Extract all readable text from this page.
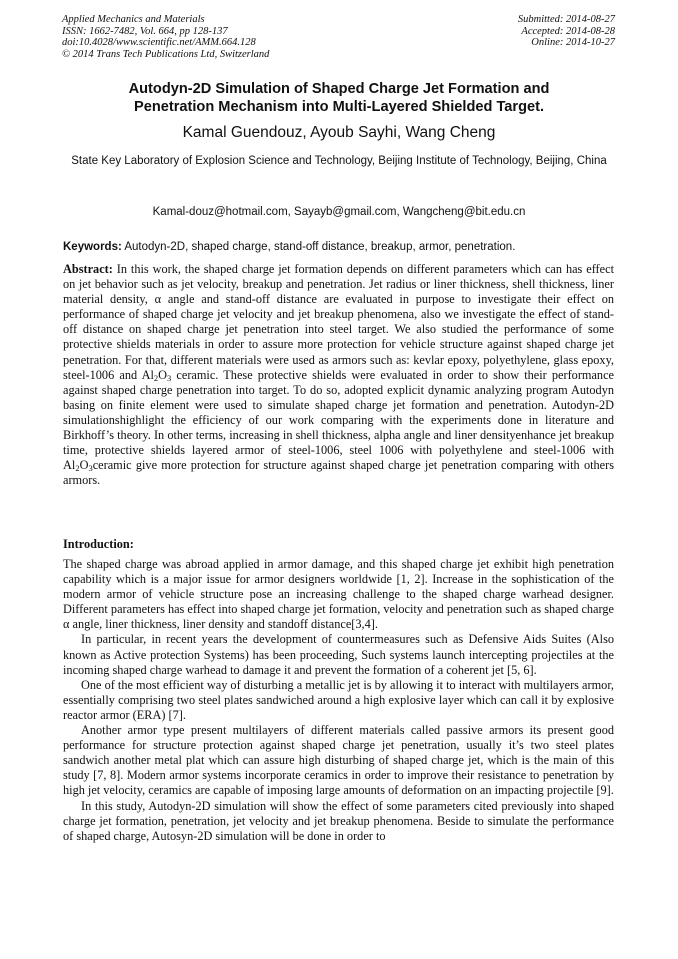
Applied Mechanics and Materials
ISSN: 1662-7482, Vol. 664, pp 128-137
doi:10.4028/www.scientific.net/AMM.664.128
© 2014 Trans Tech Publications Ltd, Switzerland
Submitted: 2014-08-27
Accepted: 2014-08-28
Online: 2014-10-27
Autodyn-2D Simulation of Shaped Charge Jet Formation and
Penetration Mechanism into Multi-Layered Shielded Target.
Kamal Guendouz, Ayoub Sayhi, Wang Cheng
State Key Laboratory of Explosion Science and Technology, Beijing Institute of Technology, Beijing, China
Kamal-douz@hotmail.com, Sayayb@gmail.com, Wangcheng@bit.edu.cn
Keywords: Autodyn-2D, shaped charge, stand-off distance, breakup, armor, penetration.
Abstract: In this work, the shaped charge jet formation depends on different parameters which can has effect on jet behavior such as jet velocity, breakup and penetration. Jet radius or liner thickness, shell thickness, liner material density, α angle and stand-off distance are evaluated in purpose to investigate their effect on performance of shaped charge jet velocity and jet breakup phenomena, also we investigate the effect of stand-off distance on shaped charge jet penetration into steel target. We also studied the performance of some protective shields materials in order to assure more protection for vehicle structure against shaped charge jet penetration. For that, different materials were used as armors such as: kevlar epoxy, polyethylene, glass epoxy, steel-1006 and $Al_2O_3$ ceramic. These protective shields were evaluated in order to show their performance against shaped charge penetration into target. To do so, adopted explicit dynamic analyzing program Autodyn basing on finite element were used to simulate shaped charge jet formation and penetration. Autodyn-2D simulationshighlight the efficiency of our work comparing with the experiments done in literature and Birkhoff’s theory. In other terms, increasing in shell thickness, alpha angle and liner densityenhance jet breakup time, protective shields layered armor of steel-1006, steel 1006 with polyethylene and steel-1006 with $Al_2O_3ceramic$ give more protection for structure against shaped charge jet penetration comparing with others armors.
Introduction:

The shaped charge was abroad applied in armor damage, and this shaped charge jet exhibit high penetration capability which is a major issue for armor designers worldwide [1, 2]. Increase in the sophistication of the modern armor of vehicle structure pose an increasing challenge to the shaped charge warhead designer. Different parameters has effect into shaped charge jet formation, velocity and penetration such as shaped charge α angle, liner thickness, liner density and standoff distance[3,4].

In particular, in recent years the development of countermeasures such as Defensive Aids Suites (Also known as Active protection Systems) has been proceeding, Such systems launch intercepting projectiles at the incoming shaped charge warhead to damage it and prevent the formation of a coherent jet [5, 6].

One of the most efficient way of disturbing a metallic jet is by allowing it to interact with multilayers armor, essentially comprising two steel plates sandwiched around a high explosive layer which can call it by explosive reactor armor (ERA) [7].

Another armor type present multilayers of different materials called passive armors its present good performance for structure protection against shaped charge jet penetration, usually it’s two steel plates sandwich another metal plat which can assure high disturbing of shaped charge jet, which is the main of this study [7, 8]. Modern armor systems incorporate ceramics in order to improve their resistance to penetration by high jet velocity, ceramics are capable of imposing large amounts of deformation on an impacting projectile [9].

In this study, Autodyn-2D simulation will show the effect of some parameters cited previously into shaped charge jet formation, penetration, jet velocity and jet breakup phenomena. Beside to simulate the performance of shaped charge, Autosyn-2D simulation will be done in order to
